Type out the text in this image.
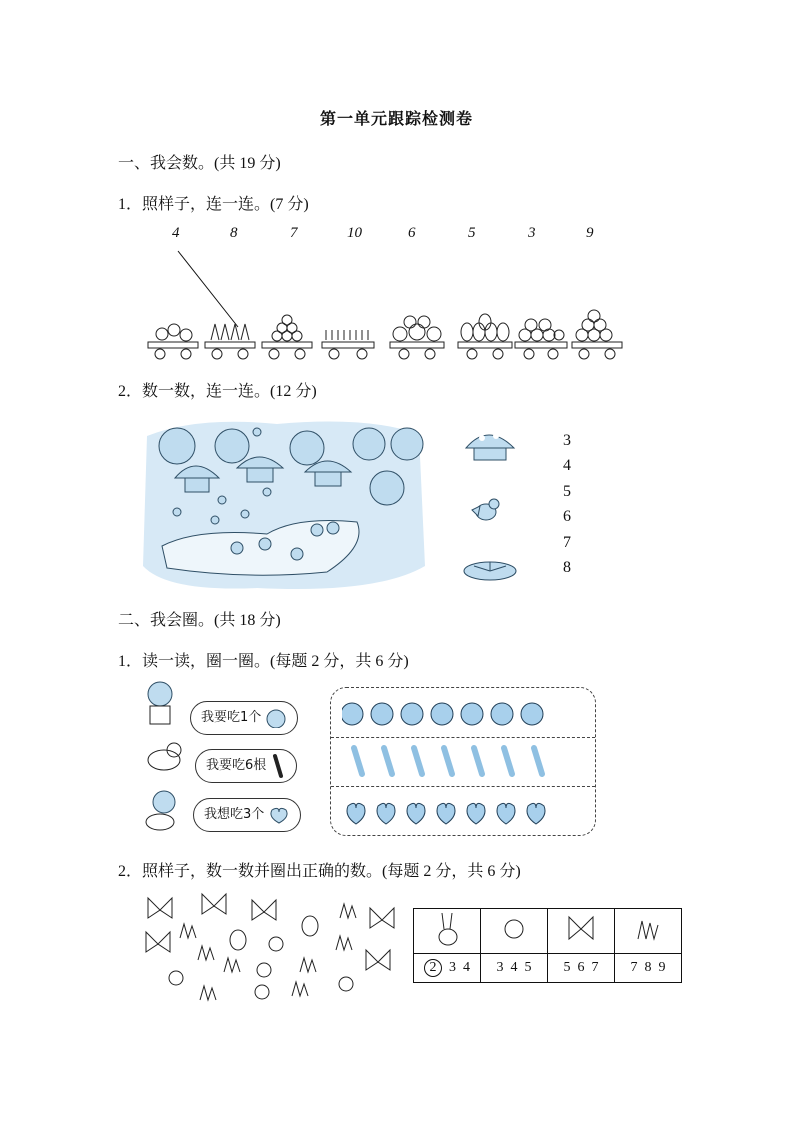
第一单元跟踪检测卷
一、我会数。(共 19 分)
1．照样子，连一连。(7 分)
4	8	7	10	6	5	3	9
2．数一数，连一连。(12 分)
3
4
5
6
7
8
二、我会圈。(共 18 分)
1．读一读，圈一圈。(每题 2 分，共 6 分)
我要吃1个
我要吃6根
我想吃3个
2．照样子，数一数并圈出正确的数。(每题 2 分，共 6 分)

2 3 4	3 4 5	5 6 7	7 8 9
